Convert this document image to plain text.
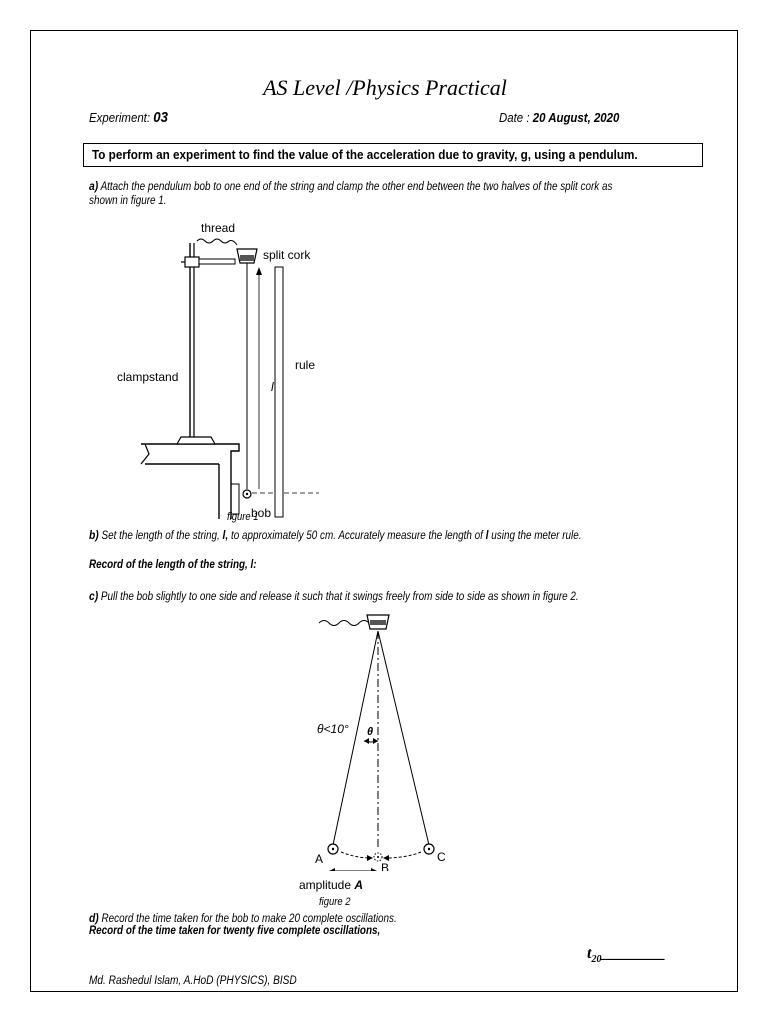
AS Level /Physics Practical
Experiment: 03	Date : 20 August, 2020
To perform an experiment to find the value of the acceleration due to gravity, g, using a pendulum.
a) Attach the pendulum bob to one end of the string and clamp the other end between the two halves of the split cork as
shown in figure 1.
thread
split cork
clampstand
rule
l
bob
figure 1
b) Set the length of the string, l, to approximately 50 cm. Accurately measure the length of l using the meter rule.
Record of the length of the string, l:
c) Pull the bob slightly to one side and release it such that it swings freely from side to side as shown in figure 2.
θ<10° θ
A
B
C
amplitude A
figure 2
d) Record the time taken for the bob to make 20 complete oscillations.
Record of the time taken for twenty five complete oscillations,
$t_{20}\_\_\_\_\_\_\_\_$
Md. Rashedul Islam, A.HoD (PHYSICS), BISD
